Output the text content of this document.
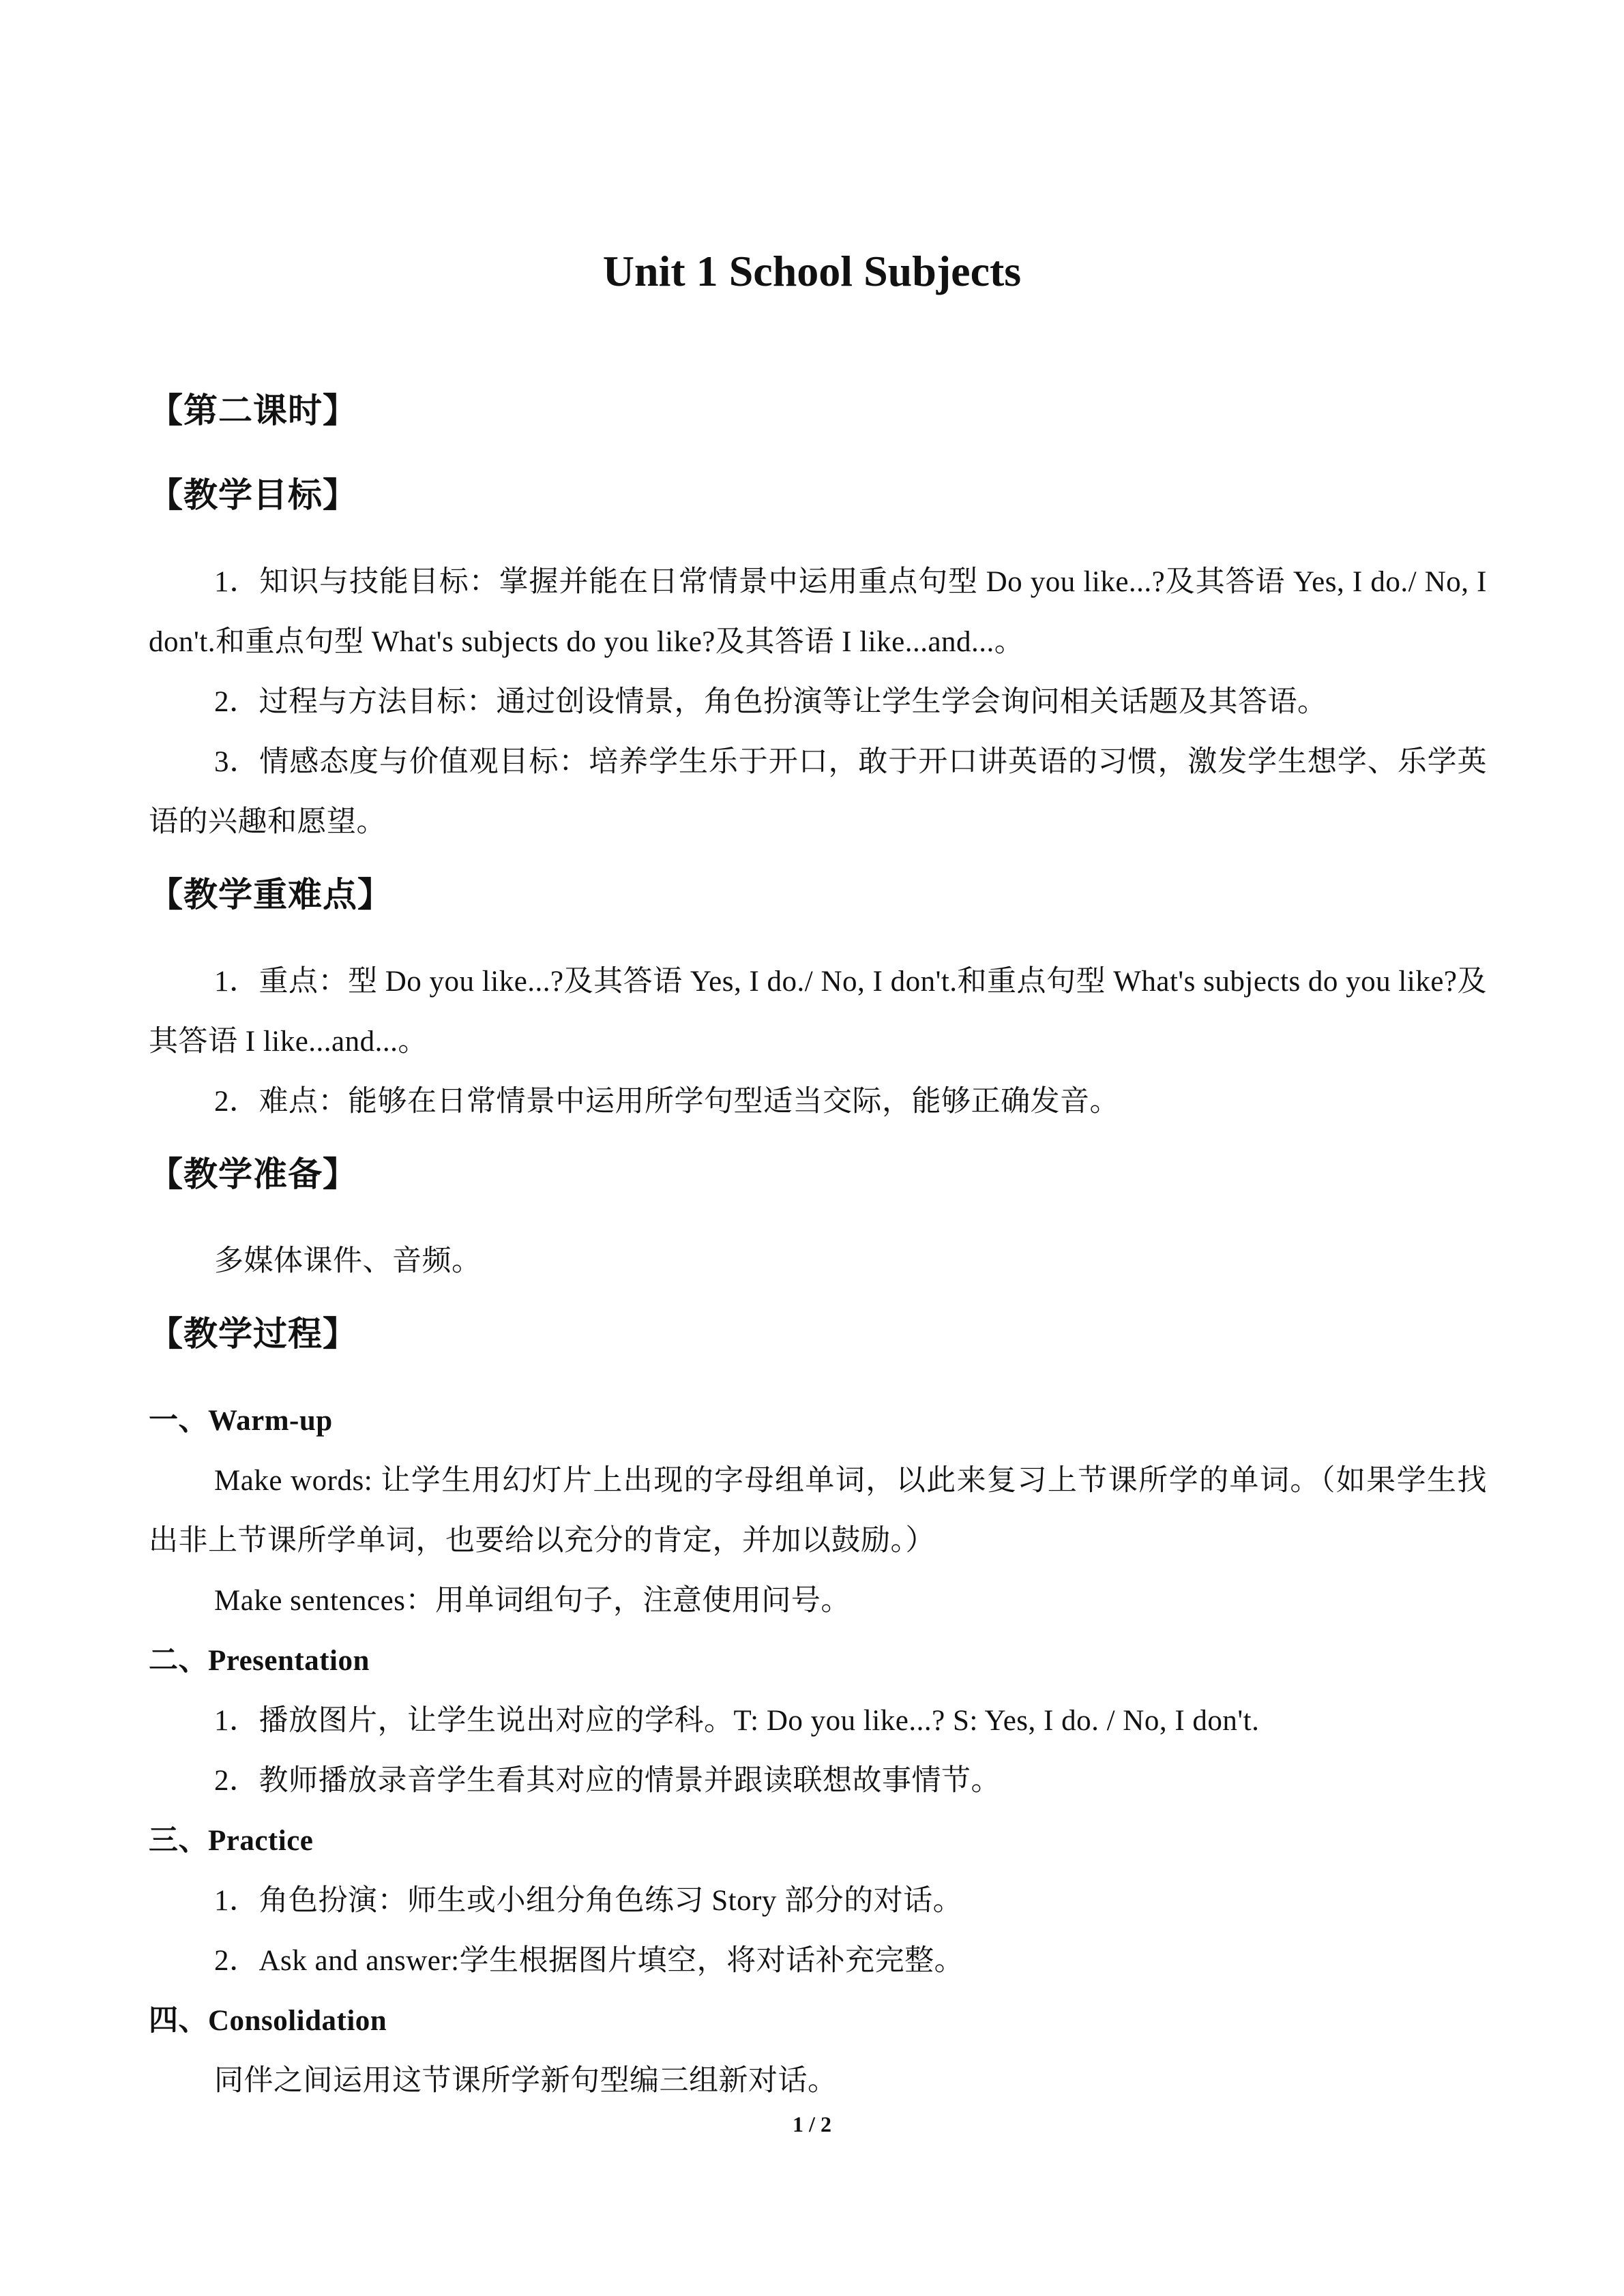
Unit 1 School Subjects

【第二课时】

【教学目标】

1．知识与技能目标：掌握并能在日常情景中运用重点句型 Do you like...?及其答语 Yes, I do./ No, I don't.和重点句型 What's subjects do you like?及其答语 I like...and...。

2．过程与方法目标：通过创设情景，角色扮演等让学生学会询问相关话题及其答语。

3．情感态度与价值观目标：培养学生乐于开口，敢于开口讲英语的习惯，激发学生想学、乐学英语的兴趣和愿望。

【教学重难点】

1．重点：型 Do you like...?及其答语 Yes, I do./ No, I don't.和重点句型 What's subjects do you like?及其答语 I like...and...。

2．难点：能够在日常情景中运用所学句型适当交际，能够正确发音。

【教学准备】

多媒体课件、音频。

【教学过程】

一、Warm-up

Make words: 让学生用幻灯片上出现的字母组单词，以此来复习上节课所学的单词。（如果学生找出非上节课所学单词，也要给以充分的肯定，并加以鼓励。）

Make sentences：用单词组句子，注意使用问号。

二、Presentation

1．播放图片，让学生说出对应的学科。T: Do you like...? S: Yes, I do. / No, I don't.

2．教师播放录音学生看其对应的情景并跟读联想故事情节。

三、Practice

1．角色扮演：师生或小组分角色练习 Story 部分的对话。

2．Ask and answer:学生根据图片填空，将对话补充完整。

四、Consolidation

同伴之间运用这节课所学新句型编三组新对话。

1 / 2
